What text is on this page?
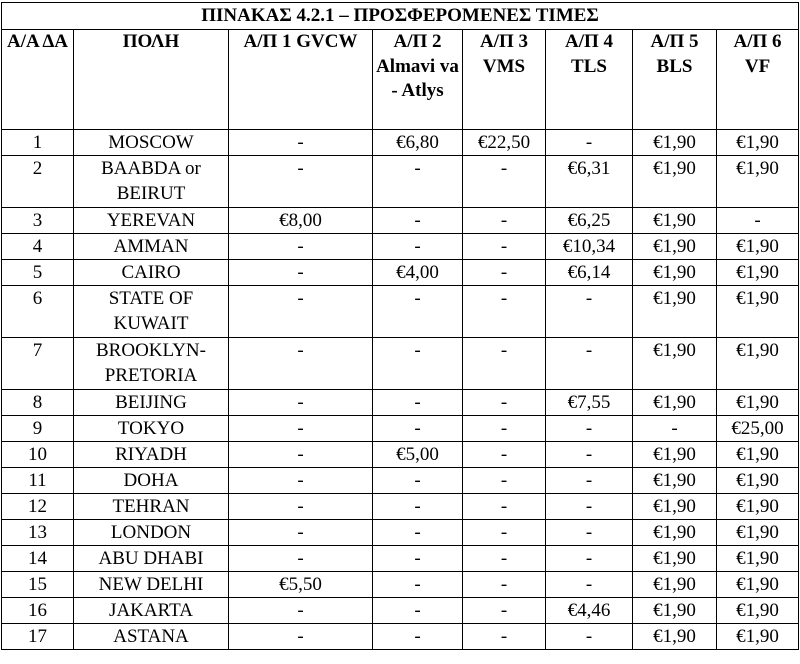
ΠΙΝΑΚΑΣ 4.2.1 – ΠΡΟΣΦΕΡΟΜΕΝΕΣ ΤΙΜΕΣ							
Α/Α ΔΑ	ΠΟΛΗ	Α/Π 1 GVCW	Α/Π 2 Almavi va - Atlys	Α/Π 3 VMS	Α/Π 4 TLS	Α/Π 5 BLS	Α/Π 6 VF
1	MOSCOW	-	€6,80	€22,50	-	€1,90	€1,90
2	BAABDA or BEIRUT	-	-	-	€6,31	€1,90	€1,90
3	YEREVAN	€8,00	-	-	€6,25	€1,90	-
4	AMMAN	-	-	-	€10,34	€1,90	€1,90
5	CAIRO	-	€4,00	-	€6,14	€1,90	€1,90
6	STATE OF KUWAIT	-	-	-	-	€1,90	€1,90
7	BROOKLYN-PRETORIA	-	-	-	-	€1,90	€1,90
8	BEIJING	-	-	-	€7,55	€1,90	€1,90
9	TOKYO	-	-	-	-	-	€25,00
10	RIYADH	-	€5,00	-	-	€1,90	€1,90
11	DOHA	-	-	-	-	€1,90	€1,90
12	TEHRAN	-	-	-	-	€1,90	€1,90
13	LONDON	-	-	-	-	€1,90	€1,90
14	ABU DHABI	-	-	-	-	€1,90	€1,90
15	NEW DELHI	€5,50	-	-	-	€1,90	€1,90
16	JAKARTA	-	-	-	€4,46	€1,90	€1,90
17	ASTANA	-	-	-	-	€1,90	€1,90
